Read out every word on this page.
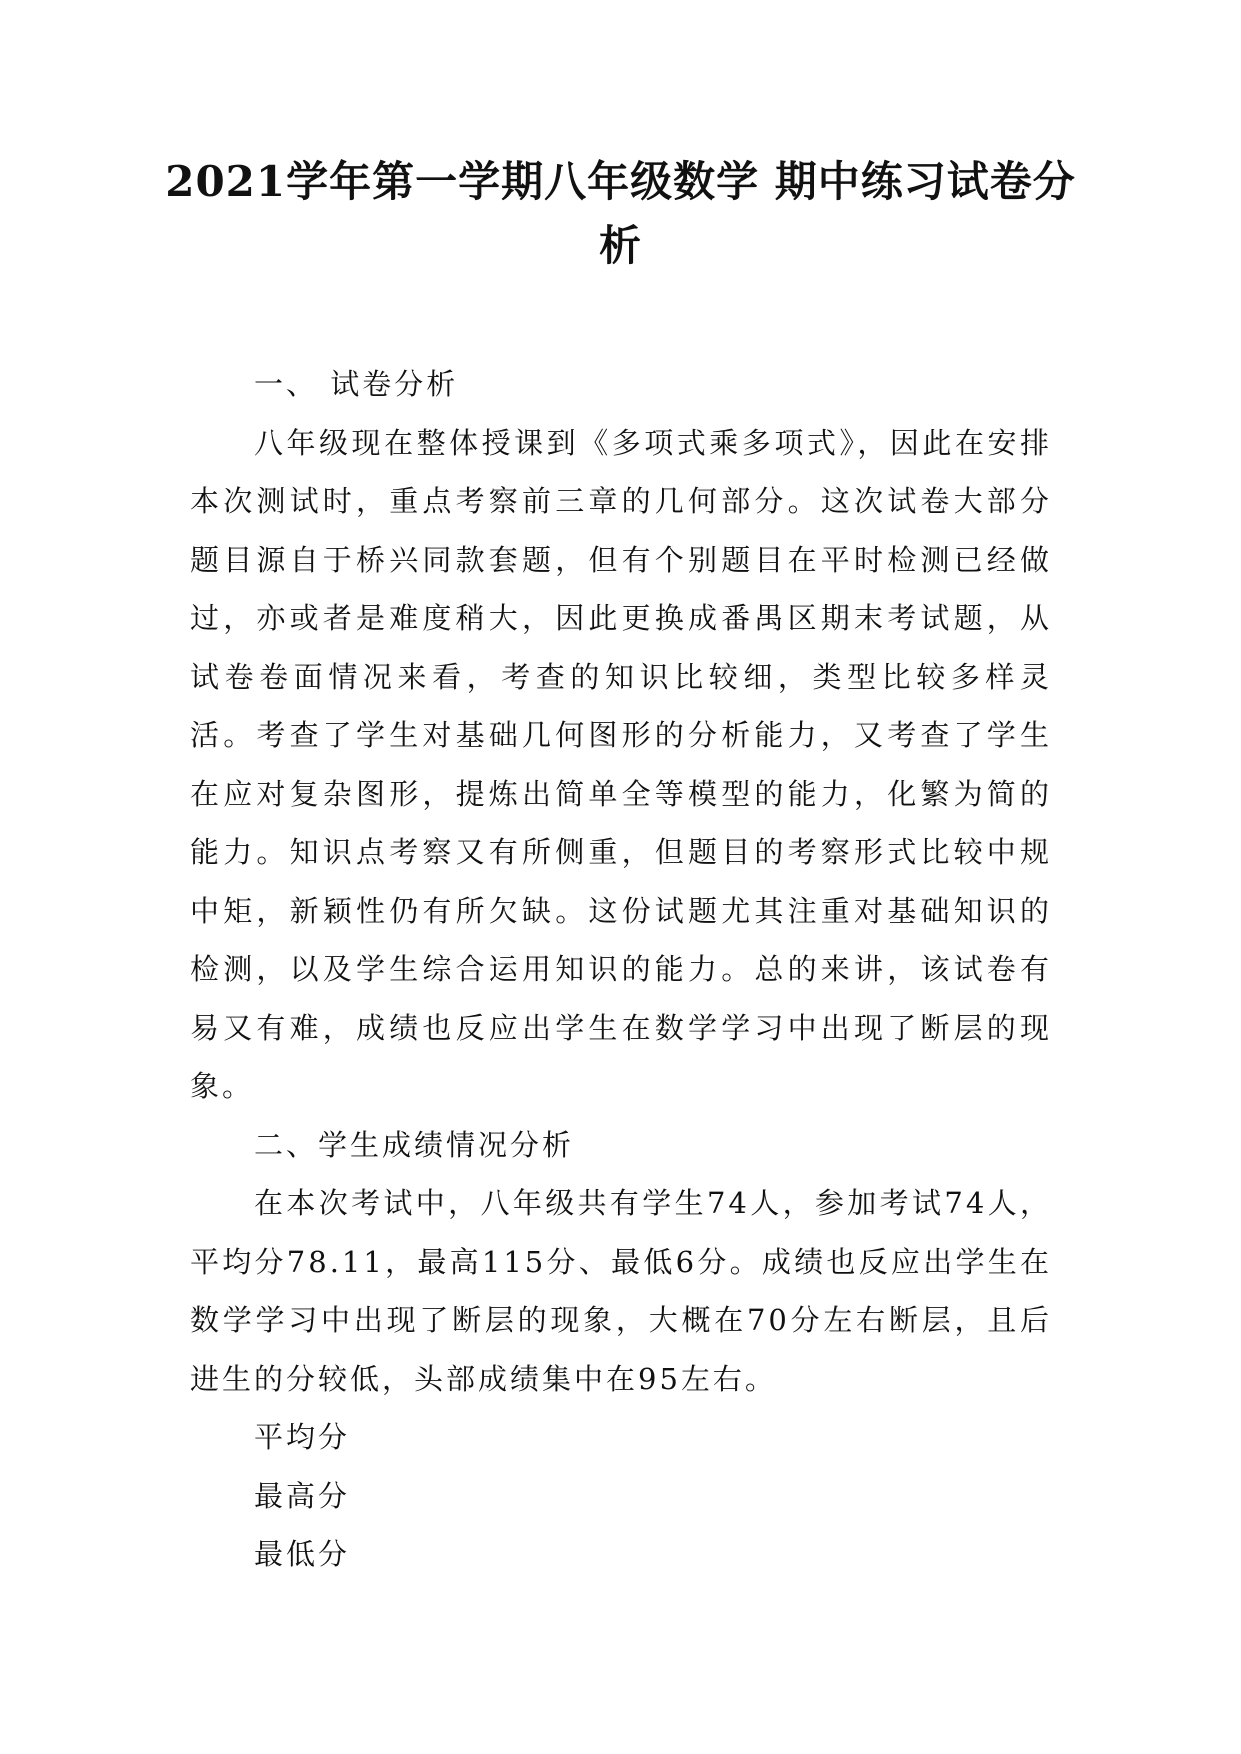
2021学年第一学期八年级数学 期中练习试卷分析

一、 试卷分析

八年级现在整体授课到《多项式乘多项式》，因此在安排本次测试时，重点考察前三章的几何部分。这次试卷大部分题目源自于桥兴同款套题，但有个别题目在平时检测已经做过，亦或者是难度稍大，因此更换成番禺区期末考试题，从试卷卷面情况来看，考查的知识比较细，类型比较多样灵活。考查了学生对基础几何图形的分析能力，又考查了学生在应对复杂图形，提炼出简单全等模型的能力，化繁为简的能力。知识点考察又有所侧重，但题目的考察形式比较中规中矩，新颖性仍有所欠缺。这份试题尤其注重对基础知识的检测，以及学生综合运用知识的能力。总的来讲，该试卷有易又有难，成绩也反应出学生在数学学习中出现了断层的现象。

二、学生成绩情况分析

在本次考试中，八年级共有学生74人，参加考试74人，平均分78.11，最高115分、最低6分。成绩也反应出学生在数学学习中出现了断层的现象，大概在70分左右断层，且后进生的分较低，头部成绩集中在95左右。

平均分

最高分

最低分
